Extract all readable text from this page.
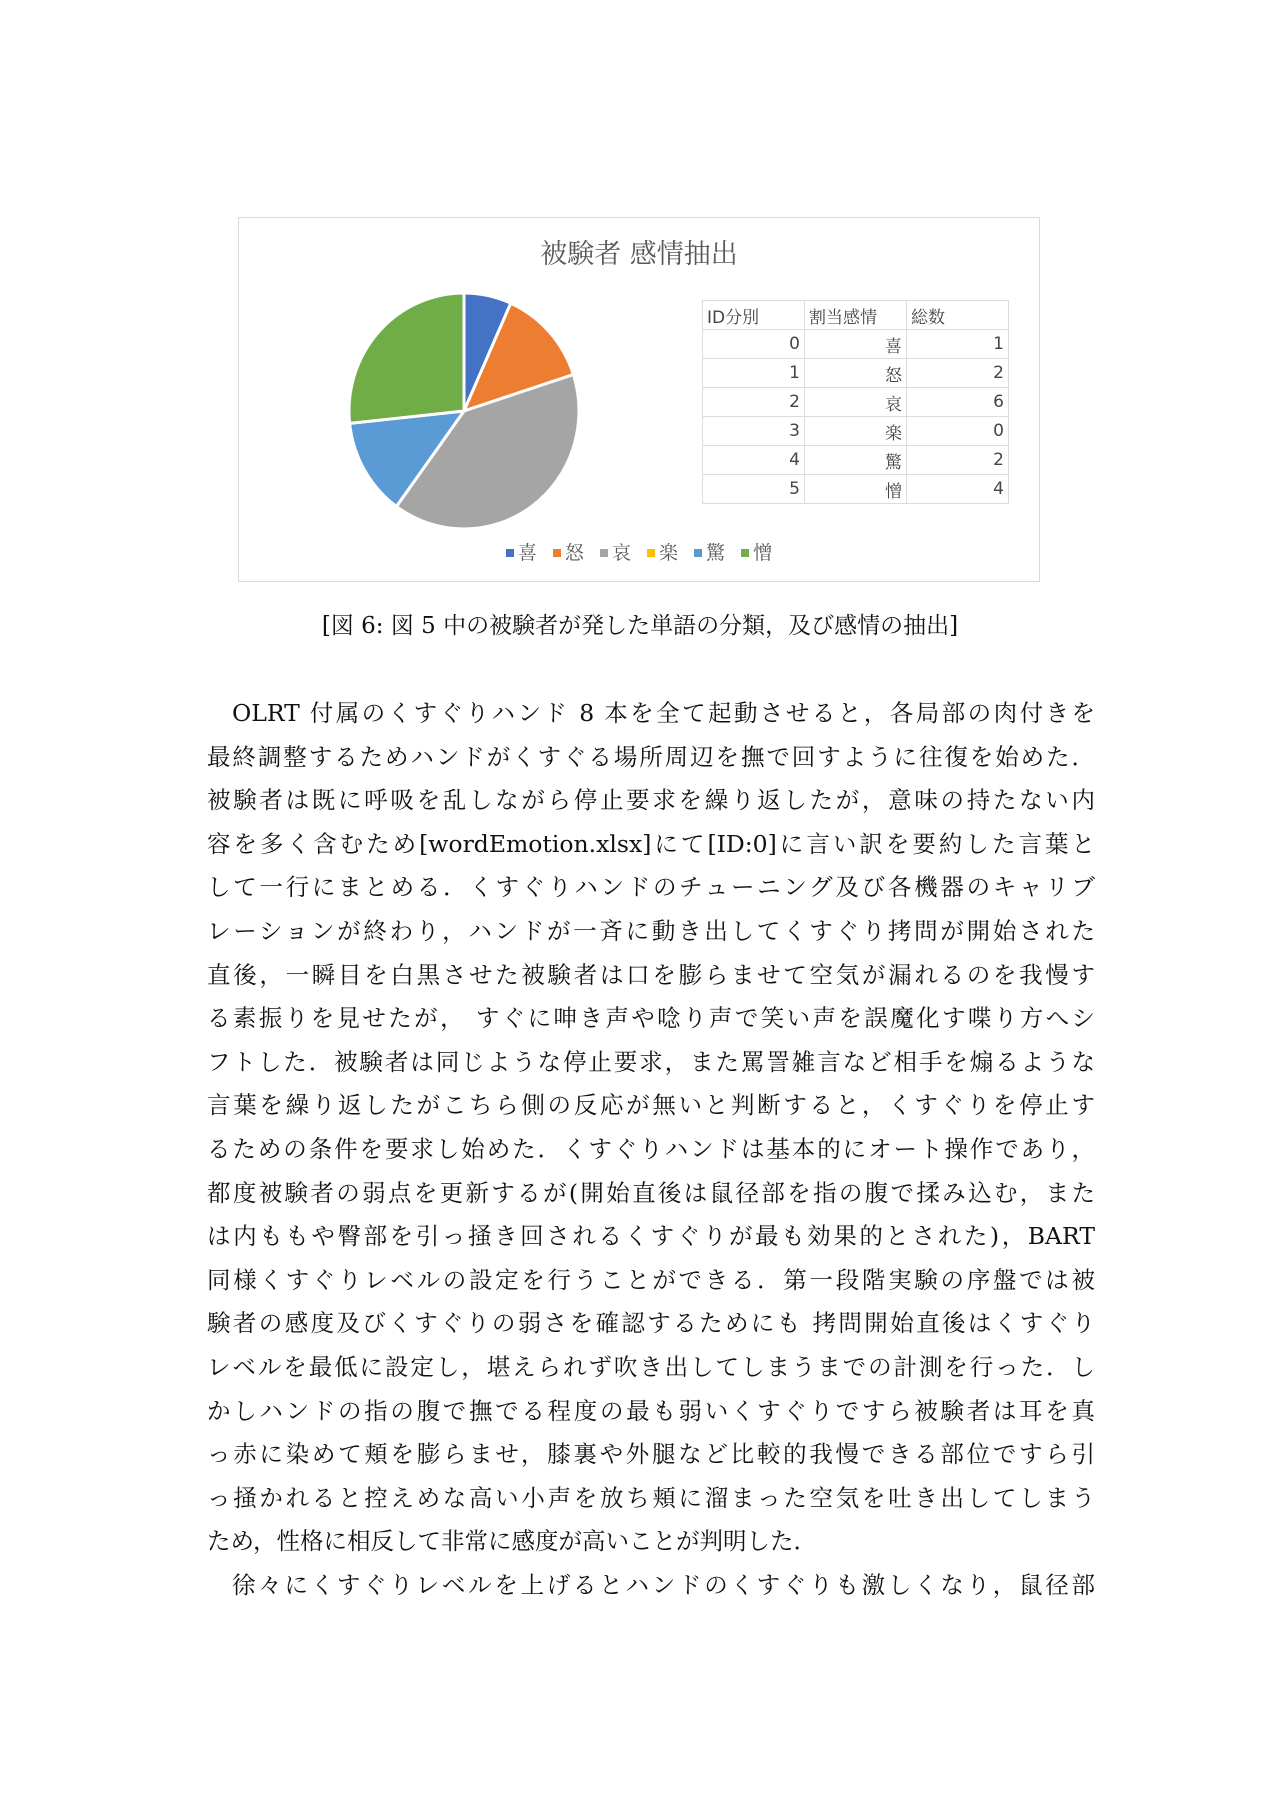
被験者 感情抽出
ID分別	割当感情	総数
0	喜	1
1	怒	2
2	哀	6
3	楽	0
4	驚	2
5	憎	4
喜 怒 哀 楽 驚 憎
[図 6: 図 5 中の被験者が発した単語の分類，及び感情の抽出]
OLRT 付属のくすぐりハンド 8 本を全て起動させると，各局部の肉付きを
最終調整するためハンドがくすぐる場所周辺を撫で回すように往復を始めた．
被験者は既に呼吸を乱しながら停止要求を繰り返したが，意味の持たない内
容を多く含むため[wordEmotion.xlsx]にて[ID:0]に言い訳を要約した言葉と
して一行にまとめる．くすぐりハンドのチューニング及び各機器のキャリブ
レーションが終わり，ハンドが一斉に動き出してくすぐり拷問が開始された
直後，一瞬目を白黒させた被験者は口を膨らませて空気が漏れるのを我慢す
る素振りを見せたが， すぐに呻き声や唸り声で笑い声を誤魔化す喋り方へシ
フトした．被験者は同じような停止要求，また罵詈雑言など相手を煽るような
言葉を繰り返したがこちら側の反応が無いと判断すると，くすぐりを停止す
るための条件を要求し始めた．くすぐりハンドは基本的にオート操作であり，
都度被験者の弱点を更新するが(開始直後は鼠径部を指の腹で揉み込む，また
は内ももや臀部を引っ掻き回されるくすぐりが最も効果的とされた)，BART
同様くすぐりレベルの設定を行うことができる．第一段階実験の序盤では被
験者の感度及びくすぐりの弱さを確認するためにも 拷問開始直後はくすぐり
レベルを最低に設定し，堪えられず吹き出してしまうまでの計測を行った．し
かしハンドの指の腹で撫でる程度の最も弱いくすぐりですら被験者は耳を真
っ赤に染めて頬を膨らませ，膝裏や外腿など比較的我慢できる部位ですら引
っ掻かれると控えめな高い小声を放ち頬に溜まった空気を吐き出してしまう
ため，性格に相反して非常に感度が高いことが判明した．
徐々にくすぐりレベルを上げるとハンドのくすぐりも激しくなり，鼠径部
